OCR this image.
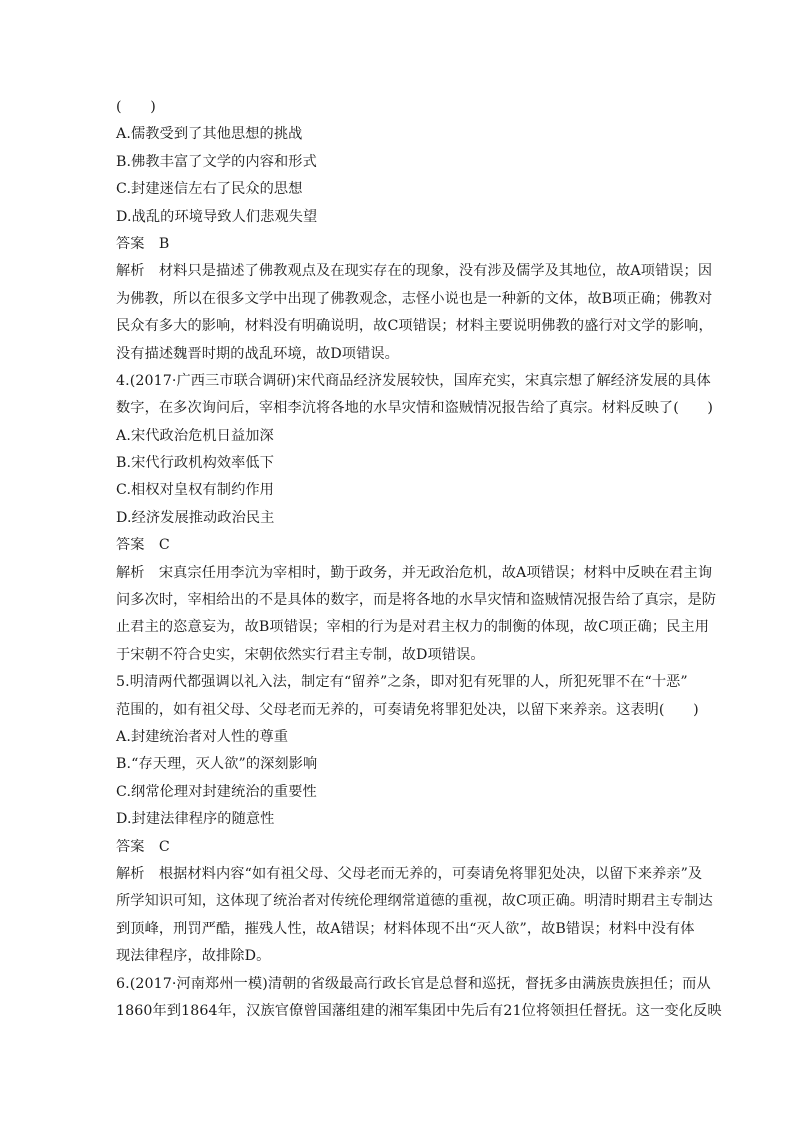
(　　)
A.儒教受到了其他思想的挑战
B.佛教丰富了文学的内容和形式
C.封建迷信左右了民众的思想
D.战乱的环境导致人们悲观失望
答案　B
解析　材料只是描述了佛教观点及在现实存在的现象，没有涉及儒学及其地位，故A项错误；因
为佛教，所以在很多文学中出现了佛教观念，志怪小说也是一种新的文体，故B项正确；佛教对
民众有多大的影响，材料没有明确说明，故C项错误；材料主要说明佛教的盛行对文学的影响，
没有描述魏晋时期的战乱环境，故D项错误。
4.(2017·广西三市联合调研)宋代商品经济发展较快，国库充实，宋真宗想了解经济发展的具体
数字，在多次询问后，宰相李沆将各地的水旱灾情和盗贼情况报告给了真宗。材料反映了(　　)
A.宋代政治危机日益加深
B.宋代行政机构效率低下
C.相权对皇权有制约作用
D.经济发展推动政治民主
答案　C
解析　宋真宗任用李沆为宰相时，勤于政务，并无政治危机，故A项错误；材料中反映在君主询
问多次时，宰相给出的不是具体的数字，而是将各地的水旱灾情和盗贼情况报告给了真宗，是防
止君主的恣意妄为，故B项错误；宰相的行为是对君主权力的制衡的体现，故C项正确；民主用
于宋朝不符合史实，宋朝依然实行君主专制，故D项错误。
5.明清两代都强调以礼入法，制定有“留养”之条，即对犯有死罪的人，所犯死罪不在“十恶”
范围的，如有祖父母、父母老而无养的，可奏请免将罪犯处决，以留下来养亲。这表明(　　)
A.封建统治者对人性的尊重
B.“存天理，灭人欲”的深刻影响
C.纲常伦理对封建统治的重要性
D.封建法律程序的随意性
答案　C
解析　根据材料内容“如有祖父母、父母老而无养的，可奏请免将罪犯处决，以留下来养亲”及
所学知识可知，这体现了统治者对传统伦理纲常道德的重视，故C项正确。明清时期君主专制达
到顶峰，刑罚严酷，摧残人性，故A错误；材料体现不出“灭人欲”，故B错误；材料中没有体
现法律程序，故排除D。
6.(2017·河南郑州一模)清朝的省级最高行政长官是总督和巡抚，督抚多由满族贵族担任；而从
1860年到1864年，汉族官僚曾国藩组建的湘军集团中先后有21位将领担任督抚。这一变化反映
